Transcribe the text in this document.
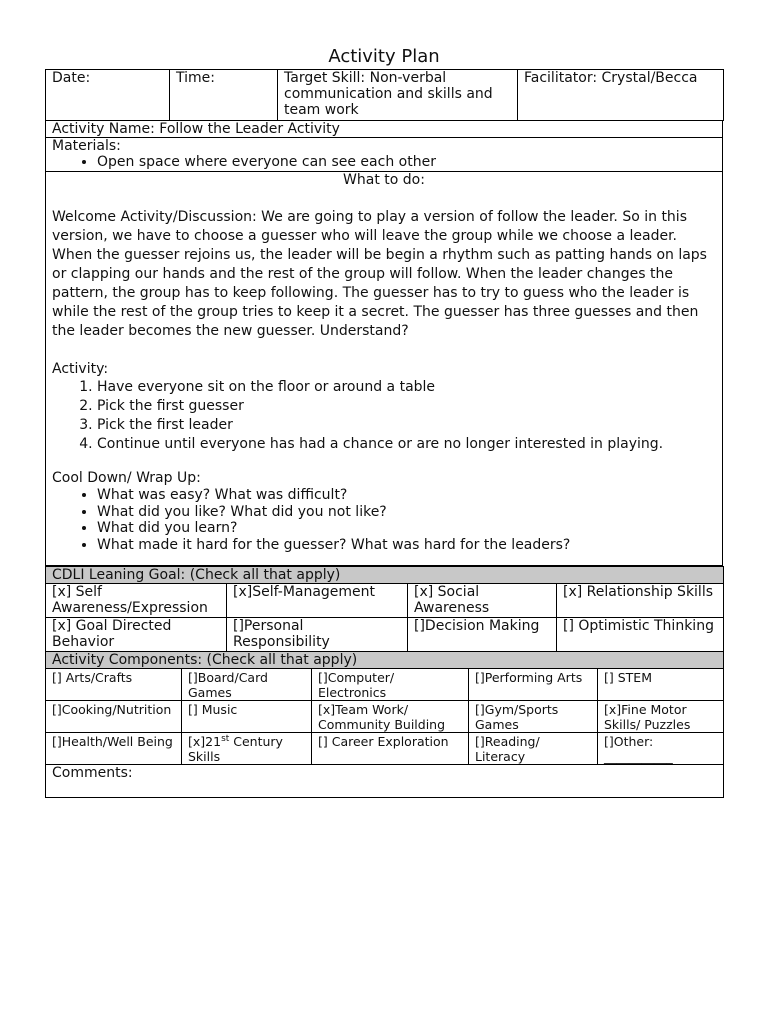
Activity Plan
Date:	Time:	Target Skill: Non-verbal communication and skills and team work	Facilitator: Crystal/Becca
Activity Name: Follow the Leader Activity

Materials:
• Open space where everyone can see each other

What to do:

Welcome Activity/Discussion: We are going to play a version of follow the leader. So in this version, we have to choose a guesser who will leave the group while we choose a leader. When the guesser rejoins us, the leader will be begin a rhythm such as patting hands on laps or clapping our hands and the rest of the group will follow. When the leader changes the pattern, the group has to keep following. The guesser has to try to guess who the leader is while the rest of the group tries to keep it a secret. The guesser has three guesses and then the leader becomes the new guesser. Understand?

Activity:
1. Have everyone sit on the floor or around a table
2. Pick the first guesser
3. Pick the first leader
4. Continue until everyone has had a chance or are no longer interested in playing.
Cool Down/ Wrap Up:
• What was easy? What was difficult?
• What did you like? What did you not like?
• What did you learn?
• What made it hard for the guesser? What was hard for the leaders?
CDLI Leaning Goal: (Check all that apply)			
[x] Self Awareness/Expression	[x]Self-Management	[x] Social Awareness	[x] Relationship Skills
[x] Goal Directed Behavior	[]Personal Responsibility	[]Decision Making	[] Optimistic Thinking
Activity Components: (Check all that apply)				
[] Arts/Crafts	[]Board/Card Games	[]Computer/ Electronics	[]Performing Arts	[] STEM
[]Cooking/Nutrition	[] Music	[x]Team Work/ Community Building	[]Gym/Sports Games	[x]Fine Motor Skills/ Puzzles
[]Health/Well Being	[x]21st Century Skills	[] Career Exploration	[]Reading/ Literacy	[]Other:
___________

Comments:				
